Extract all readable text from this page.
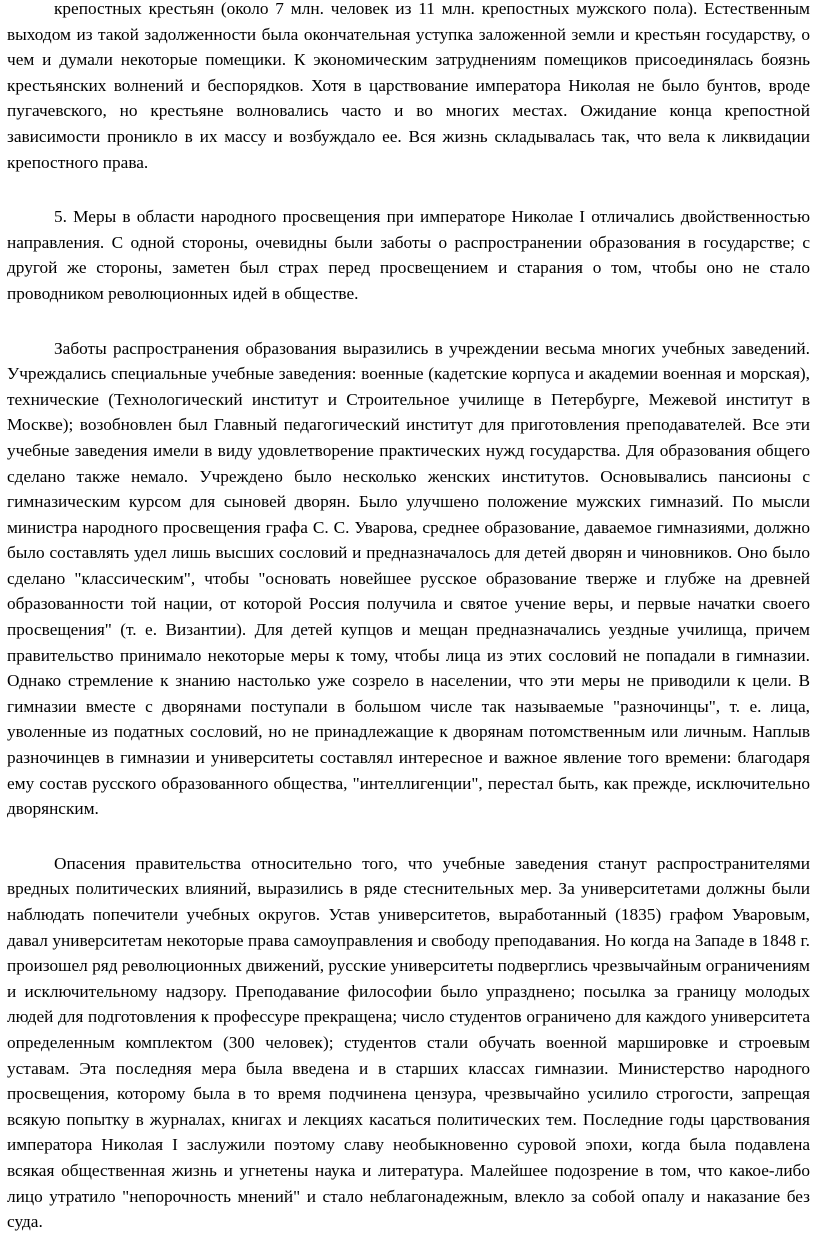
крепостных крестьян (около 7 млн. человек из 11 млн. крепостных мужского пола). Естественным выходом из такой задолженности была окончательная уступка заложенной земли и крестьян государству, о чем и думали некоторые помещики. К экономическим затруднениям помещиков присоединялась боязнь крестьянских волнений и беспорядков. Хотя в царствование императора Николая не было бунтов, вроде пугачевского, но крестьяне волновались часто и во многих местах. Ожидание конца крепостной зависимости проникло в их массу и возбуждало ее. Вся жизнь складывалась так, что вела к ликвидации крепостного права.

5. Меры в области народного просвещения при императоре Николае I отличались двойственностью направления. С одной стороны, очевидны были заботы о распространении образования в государстве; с другой же стороны, заметен был страх перед просвещением и старания о том, чтобы оно не стало проводником революционных идей в обществе.

Заботы распространения образования выразились в учреждении весьма многих учебных заведений. Учреждались специальные учебные заведения: военные (кадетские корпуса и академии военная и морская), технические (Технологический институт и Строительное училище в Петербурге, Межевой институт в Москве); возобновлен был Главный педагогический институт для приготовления преподавателей. Все эти учебные заведения имели в виду удовлетворение практических нужд государства. Для образования общего сделано также немало. Учреждено было несколько женских институтов. Основывались пансионы с гимназическим курсом для сыновей дворян. Было улучшено положение мужских гимназий. По мысли министра народного просвещения графа С. С. Уварова, среднее образование, даваемое гимназиями, должно было составлять удел лишь высших сословий и предназначалось для детей дворян и чиновников. Оно было сделано "классическим", чтобы "основать новейшее русское образование тверже и глубже на древней образованности той нации, от которой Россия получила и святое учение веры, и первые начатки своего просвещения" (т. е. Византии). Для детей купцов и мещан предназначались уездные училища, причем правительство принимало некоторые меры к тому, чтобы лица из этих сословий не попадали в гимназии. Однако стремление к знанию настолько уже созрело в населении, что эти меры не приводили к цели. В гимназии вместе с дворянами поступали в большом числе так называемые "разночинцы", т. е. лица, уволенные из податных сословий, но не принадлежащие к дворянам потомственным или личным. Наплыв разночинцев в гимназии и университеты составлял интересное и важное явление того времени: благодаря ему состав русского образованного общества, "интеллигенции", перестал быть, как прежде, исключительно дворянским.

Опасения правительства относительно того, что учебные заведения станут распространителями вредных политических влияний, выразились в ряде стеснительных мер. За университетами должны были наблюдать попечители учебных округов. Устав университетов, выработанный (1835) графом Уваровым, давал университетам некоторые права самоуправления и свободу преподавания. Но когда на Западе в 1848 г. произошел ряд революционных движений, русские университеты подверглись чрезвычайным ограничениям и исключительному надзору. Преподавание философии было упразднено; посылка за границу молодых людей для подготовления к профессуре прекращена; число студентов ограничено для каждого университета определенным комплектом (300 человек); студентов стали обучать военной маршировке и строевым уставам. Эта последняя мера была введена и в старших классах гимназии. Министерство народного просвещения, которому была в то время подчинена цензура, чрезвычайно усилило строгости, запрещая всякую попытку в журналах, книгах и лекциях касаться политических тем. Последние годы царствования императора Николая I заслужили поэтому славу необыкновенно суровой эпохи, когда была подавлена всякая общественная жизнь и угнетены наука и литература. Малейшее подозрение в том, что какое-либо лицо утратило "непорочность мнений" и стало неблагонадежным, влекло за собой опалу и наказание без суда.
